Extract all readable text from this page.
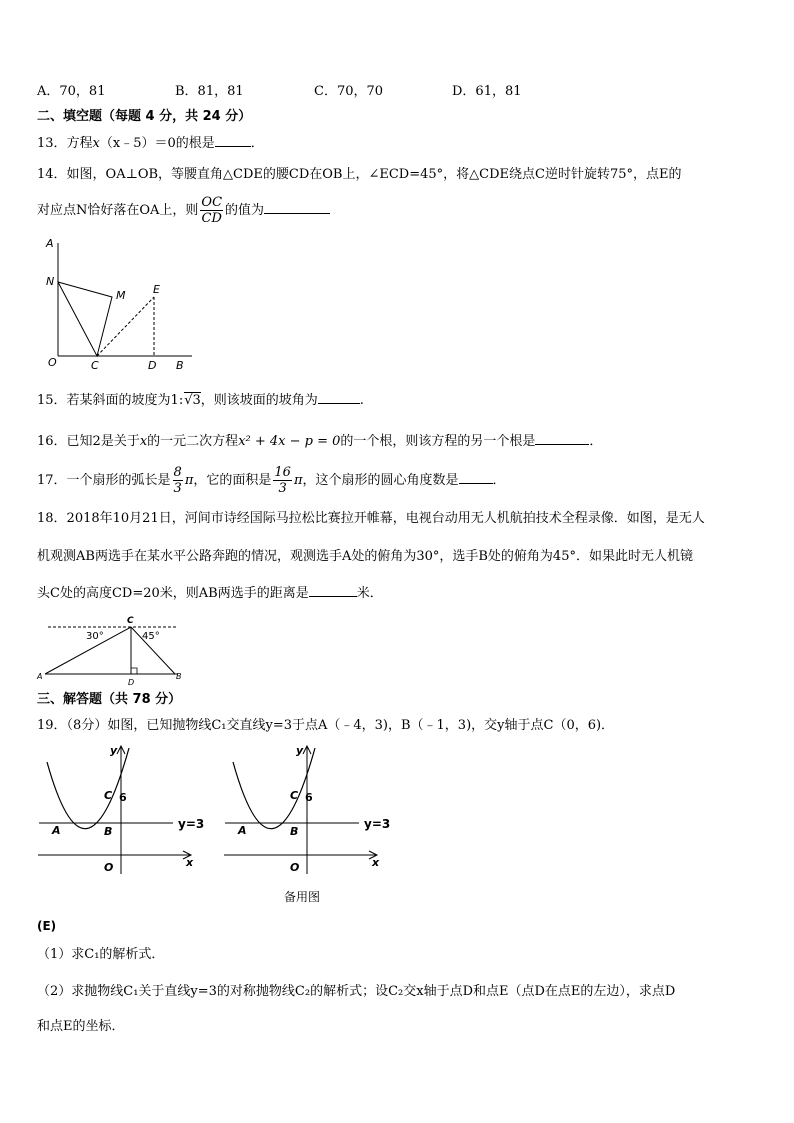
A．70，81	B．81，81	C．70，70	D．61，81
二、填空题（每题 4 分，共 24 分）
13．方程x（x﹣5）＝0的根是	．
14．如图，OA⊥OB，等腰直角△CDE的腰CD在OB上，∠ECD=45°，将△CDE绕点C逆时针旋转75°，点E的
对应点N恰好落在OA上，则 $\frac{OC}{CD}$ 的值为
A
N
M	E
O	C	D B
15．若某斜面的坡度为1:√3，则该坡面的坡角为	.
16．已知2是关于x的一元二次方程x² + 4x − p = 0的一个根，则该方程的另一个根是	．
17．一个扇形的弧长是 $\frac{8}{3}$ π，它的面积是 $\frac{16}{3}$ π，这个扇形的圆心角度数是	．
18．2018年10月21日，河间市诗经国际马拉松比赛拉开帷幕，电视台动用无人机航拍技术全程录像．如图，是无人
机观测AB两选手在某水平公路奔跑的情况，观测选手A处的俯角为30°，选手B处的俯角为45°．如果此时无人机镜
头C处的高度CD=20米，则AB两选手的距离是	米．
C
30°	45°
A
D
B
三、解答题（共 78 分）
19．（8分）如图，已知抛物线C₁交直线y=3于点A（﹣4，3)，B（﹣1，3)，交y轴于点C（0，6)．
y
x
C 6
y=3
A	B
O
y
x
C 6
y=3
A	B
O
备用图
(E)
（1）求C₁的解析式．
（2）求抛物线C₁关于直线y=3的对称抛物线C₂的解析式；设C₂交x轴于点D和点E（点D在点E的左边），求点D
和点E的坐标．
